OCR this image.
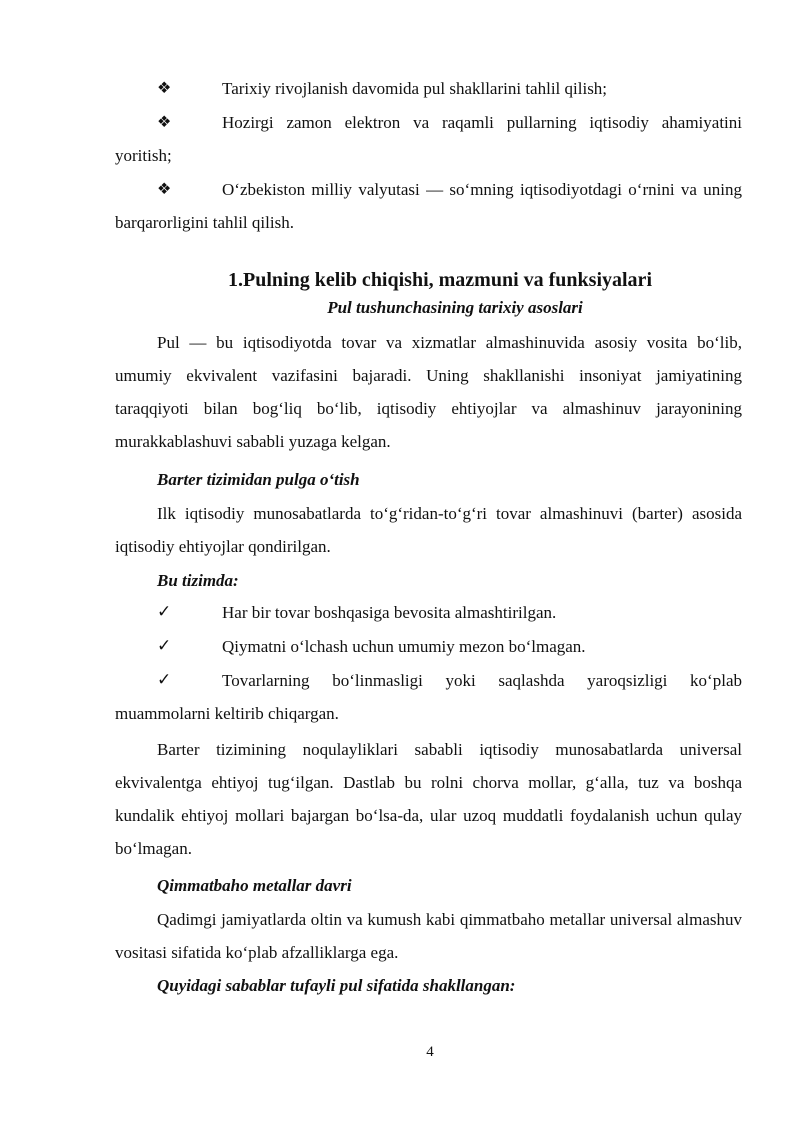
❖	Tarixiy rivojlanish davomida pul shakllarini tahlil qilish;

❖	Hozirgi zamon elektron va raqamli pullarning iqtisodiy ahamiyatini yoritish;

❖	O‘zbekiston milliy valyutasi — so‘mning iqtisodiyotdagi o‘rnini va uning barqarorligini tahlil qilish.

1.Pulning kelib chiqishi, mazmuni va funksiyalari
Pul tushunchasining tarixiy asoslari

Pul — bu iqtisodiyotda tovar va xizmatlar almashinuvida asosiy vosita bo‘lib, umumiy ekvivalent vazifasini bajaradi. Uning shakllanishi insoniyat jamiyatining taraqqiyoti bilan bog‘liq bo‘lib, iqtisodiy ehtiyojlar va almashinuv jarayonining murakkablashuvi sababli yuzaga kelgan.

Barter tizimidan pulga o‘tish

Ilk iqtisodiy munosabatlarda to‘g‘ridan-to‘g‘ri tovar almashinuvi (barter) asosida iqtisodiy ehtiyojlar qondirilgan.

Bu tizimda:

✓	Har bir tovar boshqasiga bevosita almashtirilgan.

✓	Qiymatni o‘lchash uchun umumiy mezon bo‘lmagan.

✓	Tovarlarning bo‘linmasligi yoki saqlashda yaroqsizligi ko‘plab muammolarni keltirib chiqargan.

Barter tizimining noqulayliklari sababli iqtisodiy munosabatlarda universal ekvivalentga ehtiyoj tug‘ilgan. Dastlab bu rolni chorva mollar, g‘alla, tuz va boshqa kundalik ehtiyoj mollari bajargan bo‘lsa-da, ular uzoq muddatli foydalanish uchun qulay bo‘lmagan.

Qimmatbaho metallar davri

Qadimgi jamiyatlarda oltin va kumush kabi qimmatbaho metallar universal almashuv vositasi sifatida ko‘plab afzalliklarga ega.

Quyidagi sabablar tufayli pul sifatida shakllangan:

4
